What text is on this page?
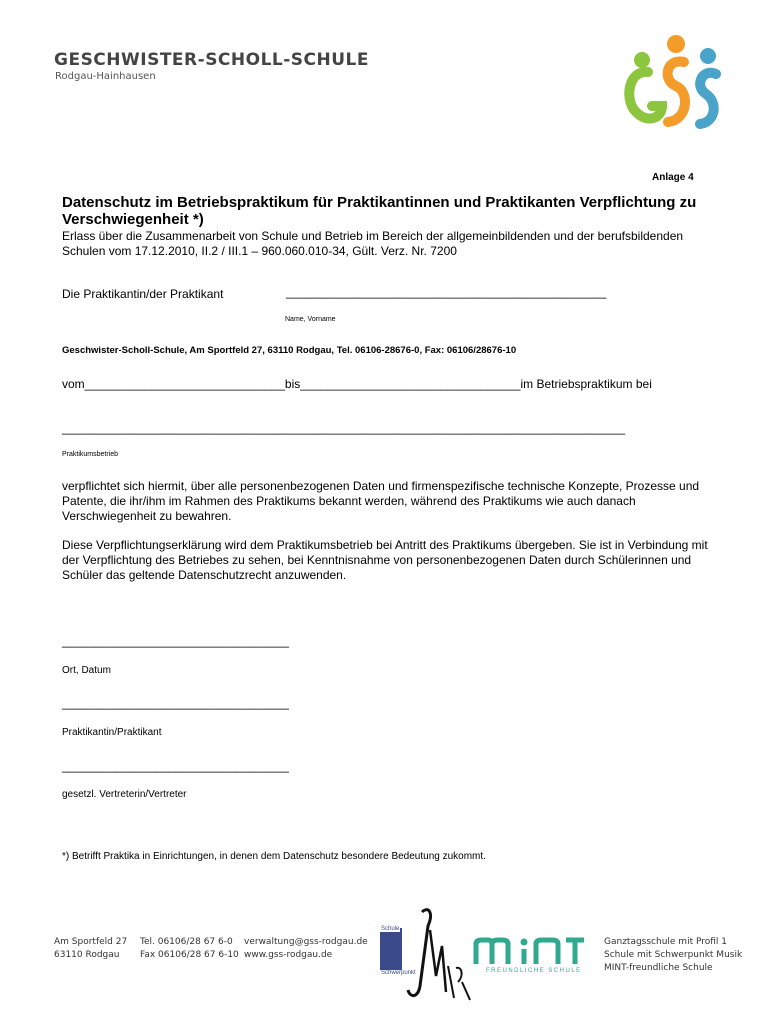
GESCHWISTER-SCHOLL-SCHULE
Rodgau-Hainhausen
Anlage 4
Datenschutz im Betriebspraktikum für Praktikantinnen und Praktikanten Verpflichtung zu Verschwiegenheit *)
Erlass über die Zusammenarbeit von Schule und Betrieb im Bereich der allgemeinbildenden und der berufsbildenden Schulen vom 17.12.2010, II.2 / III.1 – 960.060.010-34, Gült. Verz. Nr. 7200
Die Praktikantin/der Praktikant	________________________________________________
Name, Vorname
Geschwister-Scholl-Schule, Am Sportfeld 27, 63110 Rodgau, Tel. 06106-28676-0, Fax: 06106/28676-10
vom______________________________bis_________________________________im Betriebspraktikum bei
_____________________________________________________________________________________
Praktikumsbetrieb
verpflichtet sich hiermit, über alle personenbezogenen Daten und firmenspezifische technische Konzepte, Prozesse und Patente, die ihr/ihm im Rahmen des Praktikums bekannt werden, während des Praktikums wie auch danach Verschwiegenheit zu bewahren.
Diese Verpflichtungserklärung wird dem Praktikumsbetrieb bei Antritt des Praktikums übergeben. Sie ist in Verbindung mit der Verpflichtung des Betriebes zu sehen, bei Kenntnisnahme von personenbezogenen Daten durch Schülerinnen und Schüler das geltende Datenschutzrecht anzuwenden.
__________________________________
Ort, Datum
__________________________________
Praktikantin/Praktikant
__________________________________
gesetzl. Vertreterin/Vertreter
*) Betrifft Praktika in Einrichtungen, in denen dem Datenschutz besondere Bedeutung zukommt.
Am Sportfeld 27
63110 Rodgau
Tel. 06106/28 67 6-0
Fax 06106/28 67 6-10
verwaltung@gss-rodgau.de
www.gss-rodgau.de
Schule
Schwerpunkt	FREUNDLICHE SCHULE
Ganztagsschule mit Profil 1
Schule mit Schwerpunkt Musik
MINT-freundliche Schule
